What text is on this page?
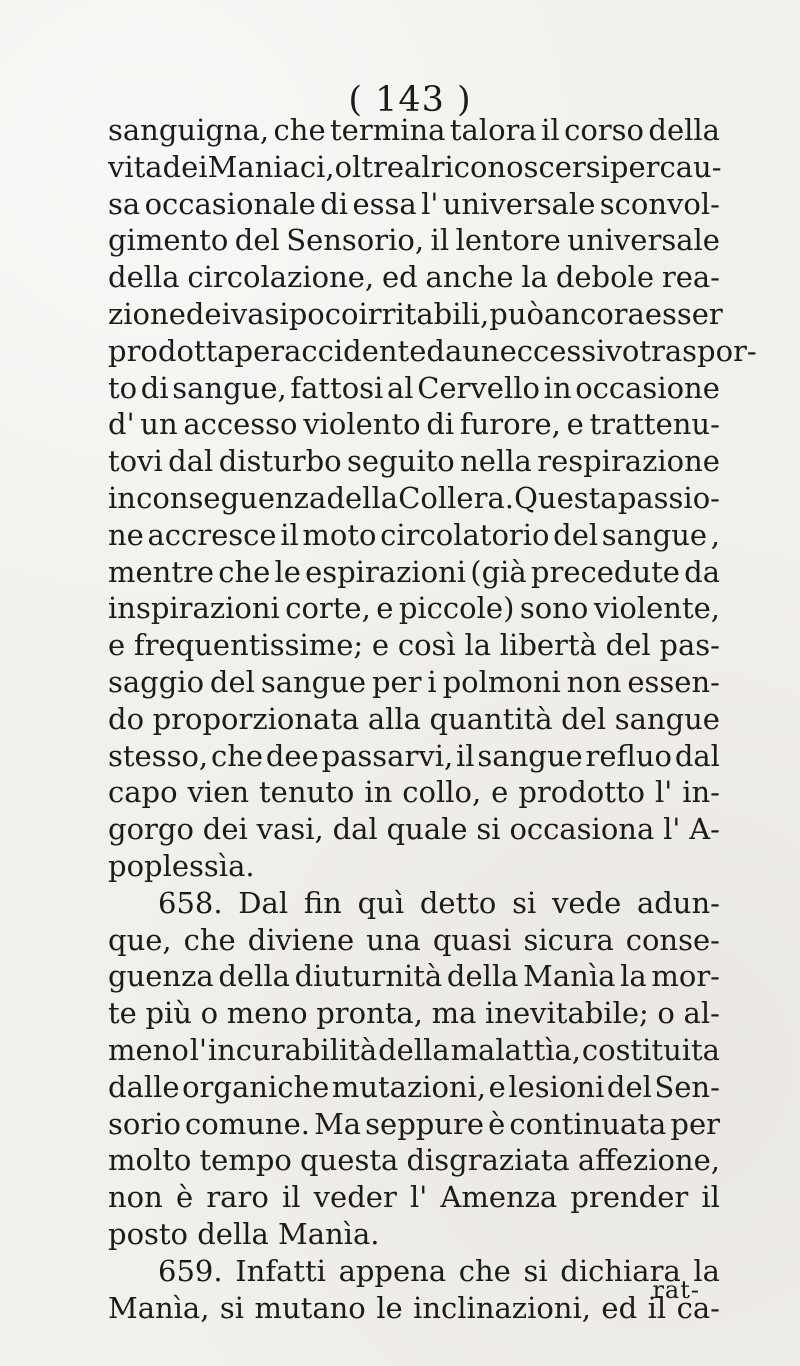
( 143 )
sanguigna, che termina talora il corso della
vita dei Maniaci, oltre al riconoscersi per cau-
sa occasionale di essa l' universale sconvol-
gimento del Sensorio, il lentore universale
della circolazione, ed anche la debole rea-
zione dei vasi poco irritabili, può ancora esser
prodotta per accidente da un eccessivo traspor-
to di sangue, fattosi al Cervello in occasione
d' un accesso violento di furore, e trattenu-
tovi dal disturbo seguito nella respirazione
in conseguenza della Collera. Questa passio-
ne accresce il moto circolatorio del sangue ,
mentre che le espirazioni (già precedute da
inspirazioni corte, e piccole) sono violente,
e frequentissime; e così la libertà del pas-
saggio del sangue per i polmoni non essen-
do proporzionata alla quantità del sangue
stesso, che dee passarvi, il sangue refluo dal
capo vien tenuto in collo, e prodotto l' in-
gorgo dei vasi, dal quale si occasiona l' A-
poplessìa.
658. Dal fin quì detto si vede adun-
que, che diviene una quasi sicura conse-
guenza della diuturnità della Manìa la mor-
te più o meno pronta, ma inevitabile; o al-
meno l' incurabilità della malattìa, costituita
dalle organiche mutazioni, e lesioni del Sen-
sorio comune. Ma seppure è continuata per
molto tempo questa disgraziata affezione,
non è raro il veder l' Amenza prender il
posto della Manìa.
659. Infatti appena che si dichiara la
Manìa, si mutano le inclinazioni, ed il ca-
rat-
